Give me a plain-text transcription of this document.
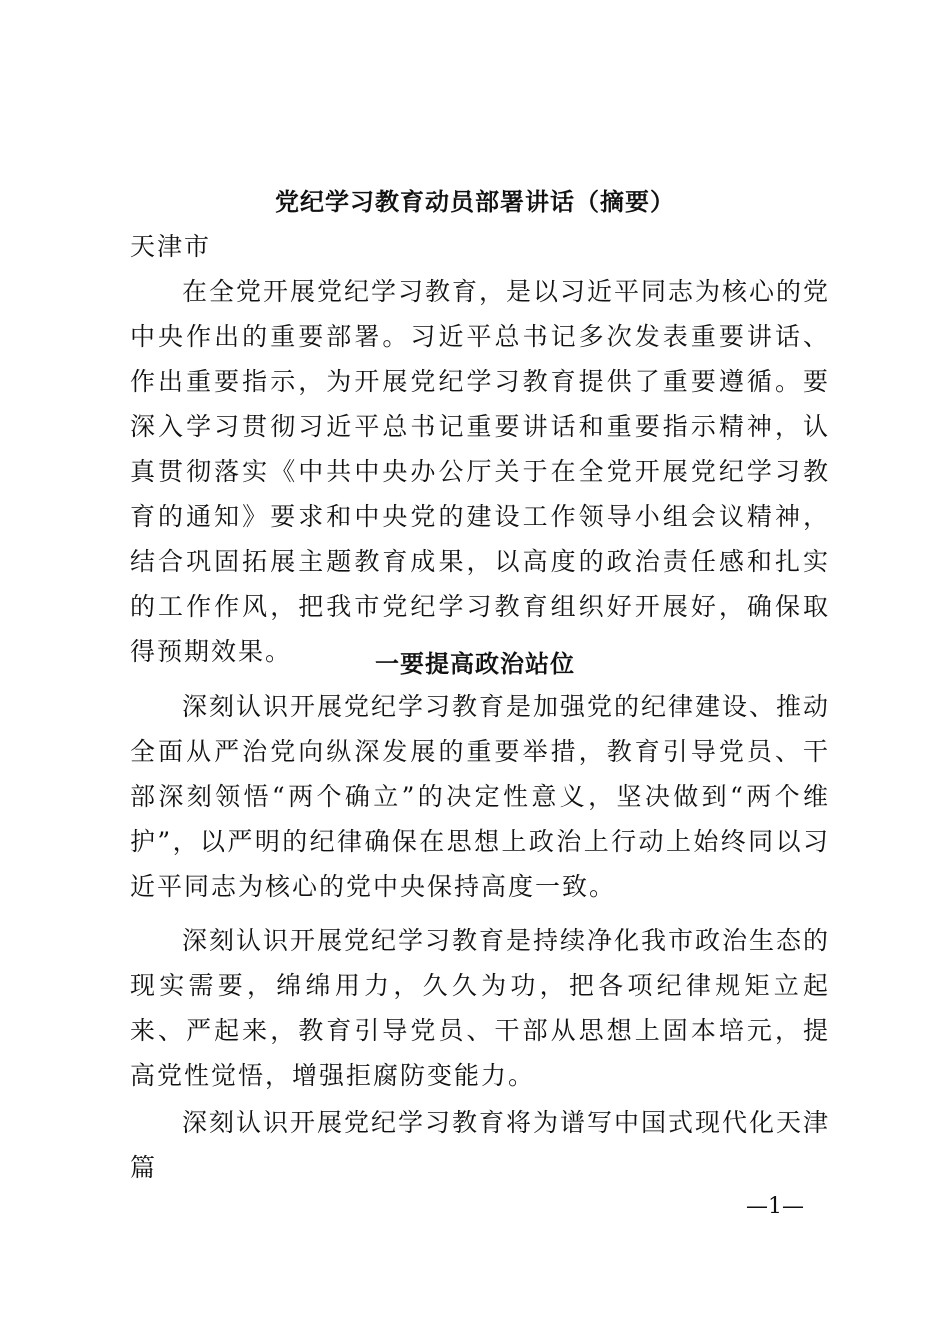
党纪学习教育动员部署讲话（摘要）

天津市

在全党开展党纪学习教育，是以习近平同志为核心的党中央作出的重要部署。习近平总书记多次发表重要讲话、作出重要指示，为开展党纪学习教育提供了重要遵循。要深入学习贯彻习近平总书记重要讲话和重要指示精神，认真贯彻落实《中共中央办公厅关于在全党开展党纪学习教育的通知》要求和中央党的建设工作领导小组会议精神，结合巩固拓展主题教育成果，以高度的政治责任感和扎实的工作作风，把我市党纪学习教育组织好开展好，确保取得预期效果。	一要提高政治站位

深刻认识开展党纪学习教育是加强党的纪律建设、推动全面从严治党向纵深发展的重要举措，教育引导党员、干部深刻领悟“两个确立”的决定性意义，坚决做到“两个维护”，以严明的纪律确保在思想上政治上行动上始终同以习近平同志为核心的党中央保持高度一致。

深刻认识开展党纪学习教育是持续净化我市政治生态的现实需要，绵绵用力，久久为功，把各项纪律规矩立起来、严起来，教育引导党员、干部从思想上固本培元，提高党性觉悟，增强拒腐防变能力。

深刻认识开展党纪学习教育将为谱写中国式现代化天津篇

—1—
